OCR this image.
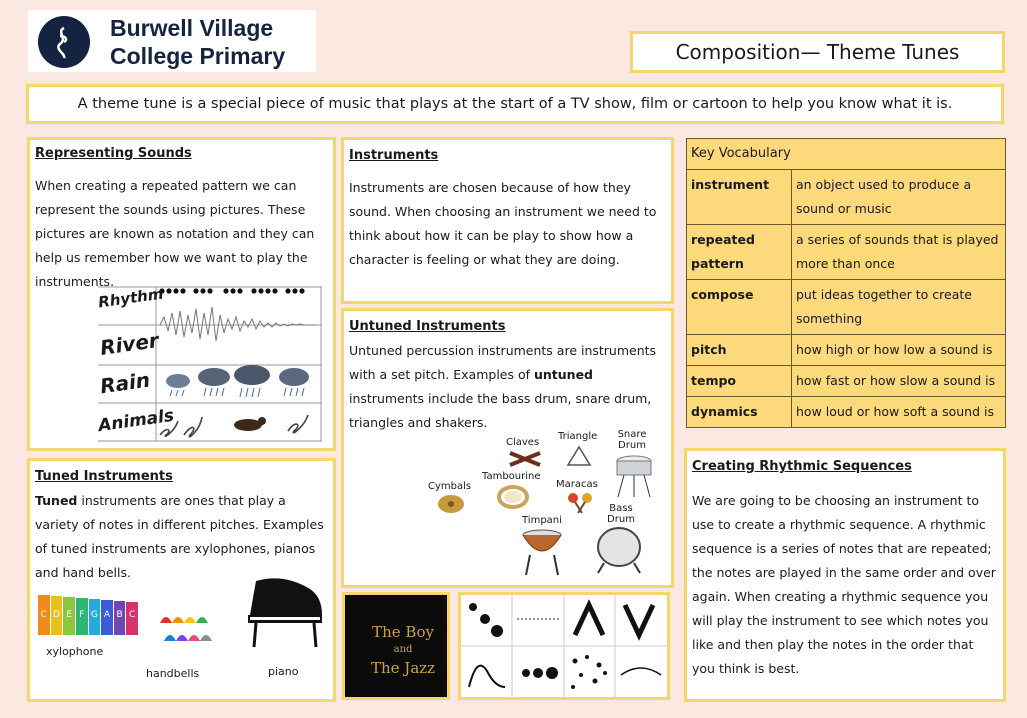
Burwell Village
College Primary	Composition— Theme Tunes
A theme tune is a special piece of music that plays at the start of a TV show, film or cartoon to help you know what it is.
Representing Sounds
When creating a repeated pattern we can represent the sounds using pictures. These pictures are known as notation and they can help us remember how we want to play the instruments.
Rhythm
River
Rain
Animals
Instruments
Instruments are chosen because of how they sound. When choosing an instrument we need to think about how it can be play to show how a character is feeling or what they are doing.
Untuned Instruments
Untuned percussion instruments are instruments with a set pitch. Examples of untuned instruments include the bass drum, snare drum, triangles and shakers.
Claves
Triangle	Snare Drum
Cymbals
Tambourine
Maracas
Bass Drum
Timpani
Tuned Instruments
Tuned instruments are ones that play a variety of notes in different pitches. Examples of tuned instruments are xylophones, pianos and hand bells.
C D E F G A B C
xylophone
handbells	piano
The Boy
and
The Jazz
Key Vocabulary	
instrument	an object used to produce a sound or music
repeated pattern	a series of sounds that is played more than once
compose	put ideas together to create something
pitch	how high or how low a sound is
tempo	how fast or how slow a sound is
dynamics	how loud or how soft a sound is
Creating Rhythmic Sequences
We are going to be choosing an instrument to use to create a rhythmic sequence. A rhythmic sequence is a series of notes that are repeated; the notes are played in the same order and over again. When creating a rhythmic sequence you will play the instrument to see which notes you like and then play the notes in the order that you think is best.
